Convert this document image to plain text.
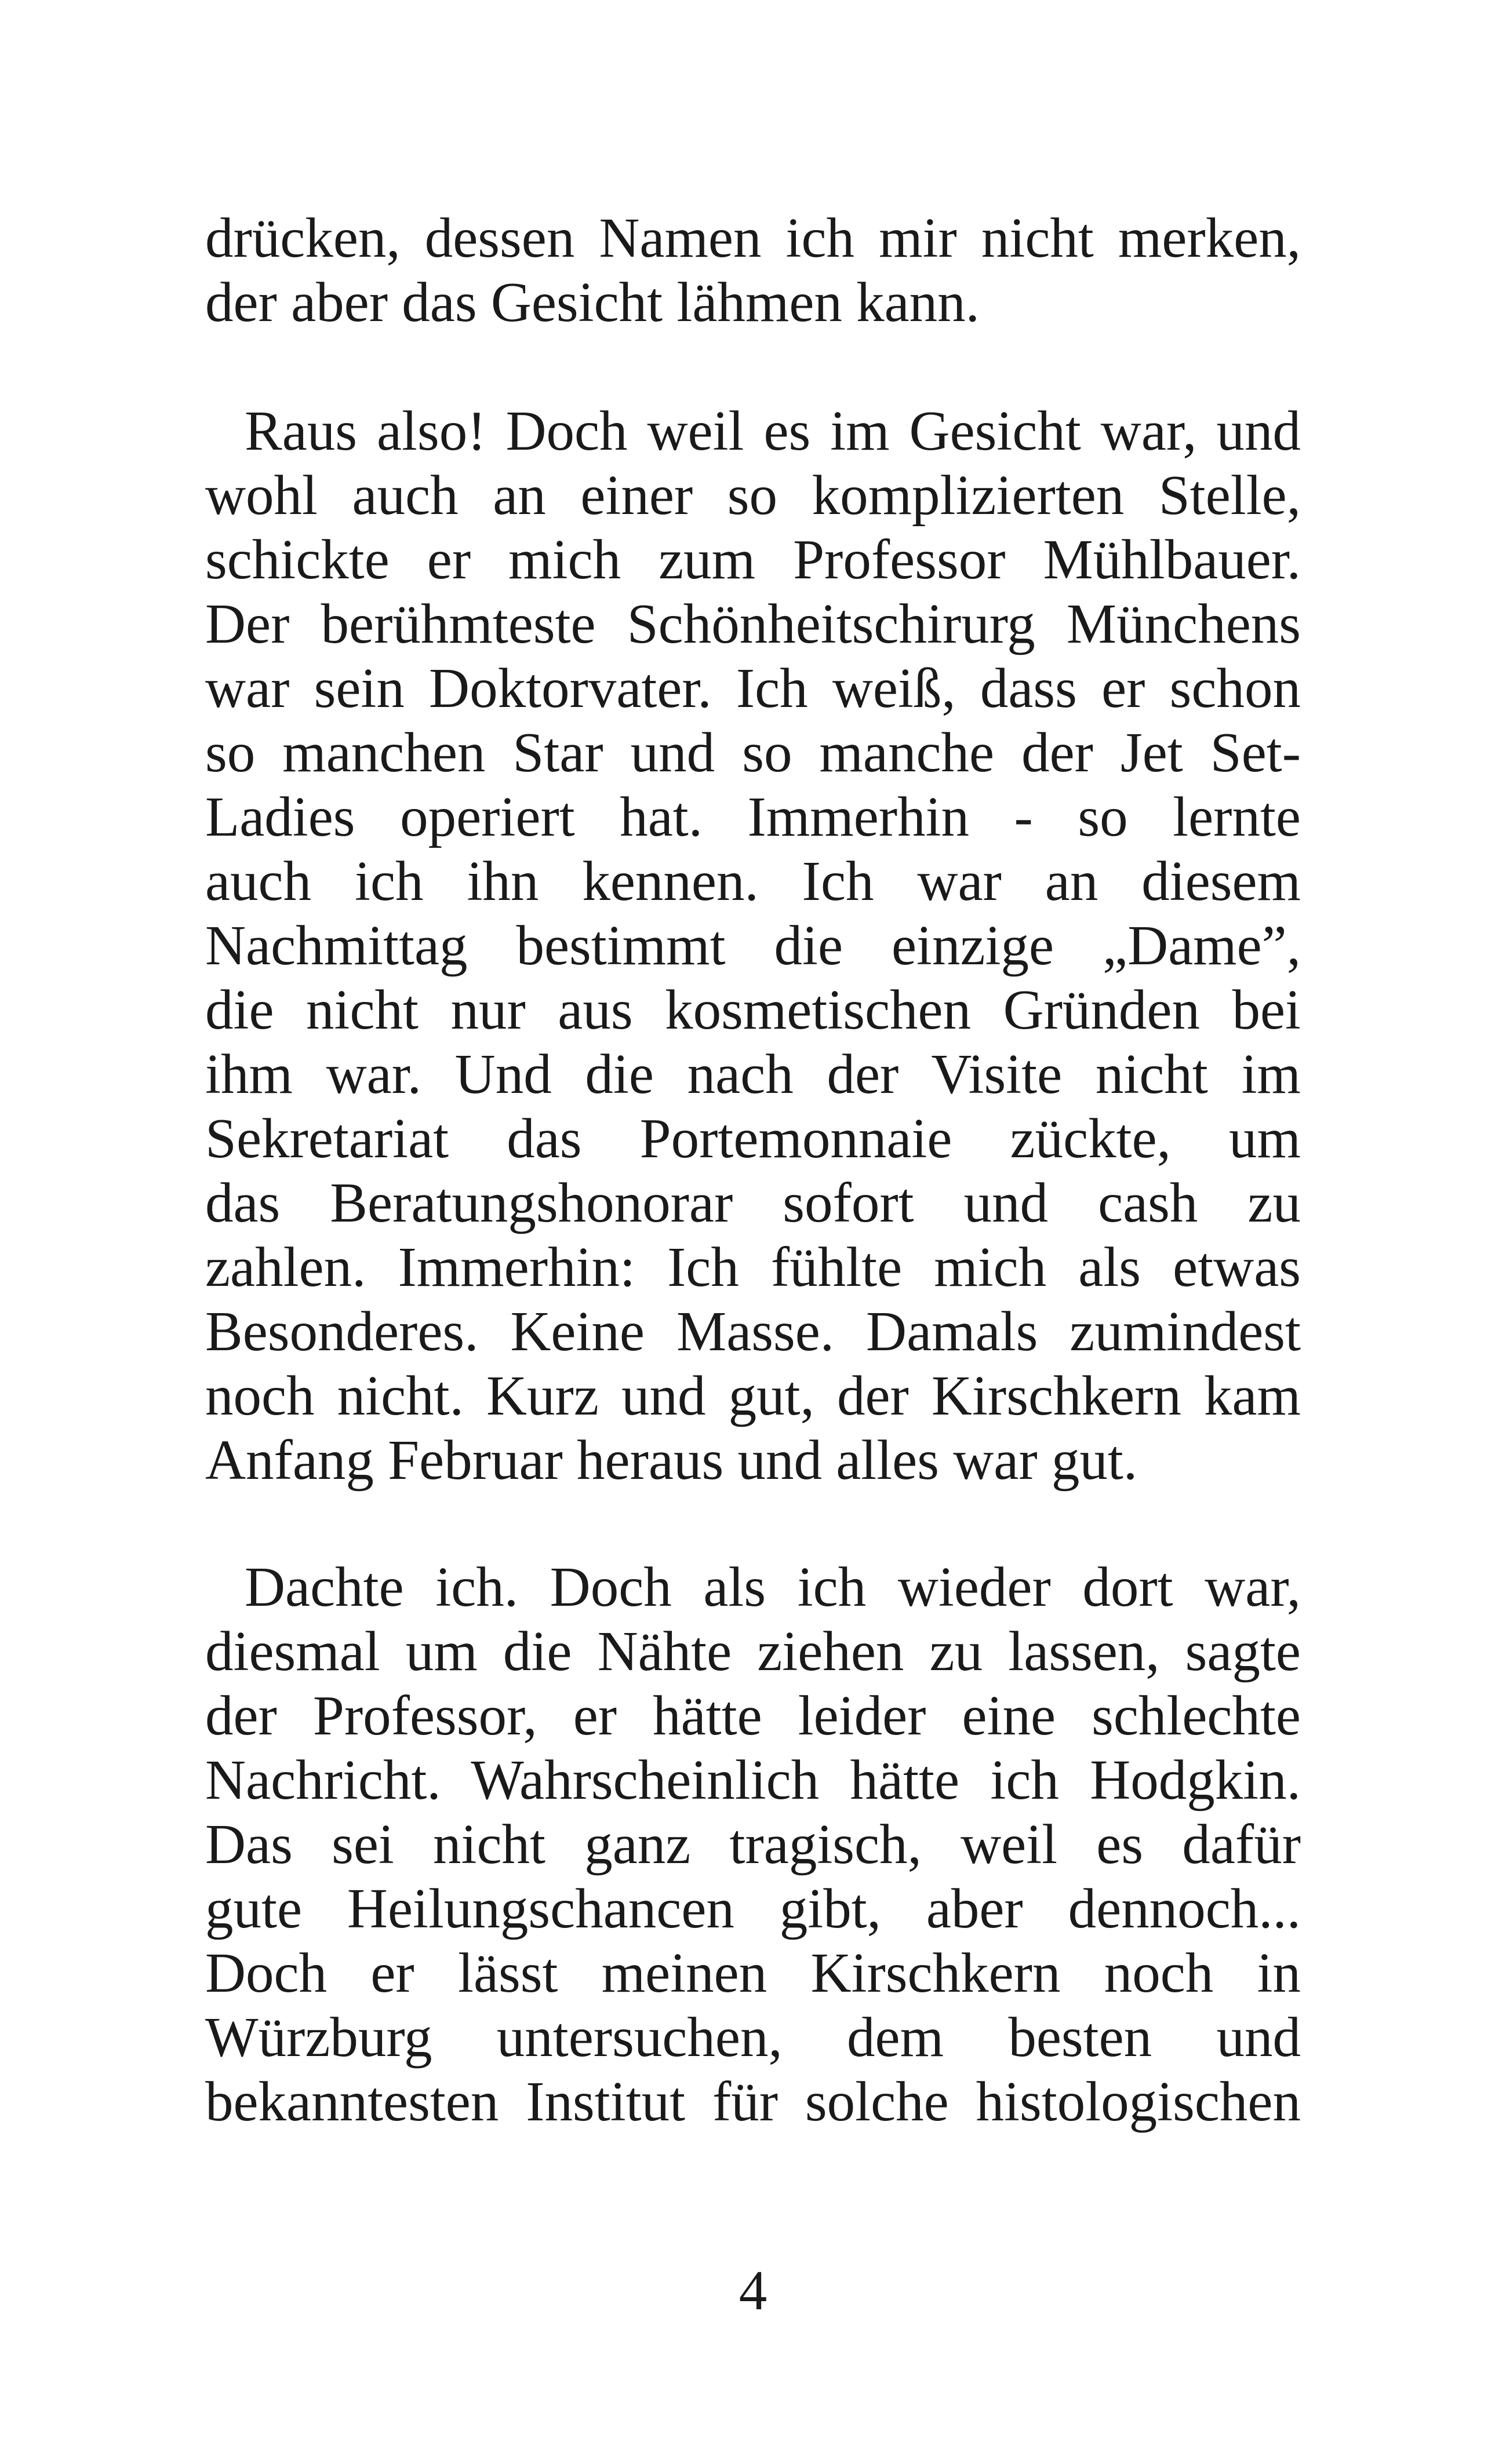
drücken, dessen Namen ich mir nicht merken,
der aber das Gesicht lähmen kann.
Raus also! Doch weil es im Gesicht war, und
wohl auch an einer so komplizierten Stelle,
schickte er mich zum Professor Mühlbauer.
Der berühmteste Schönheitschirurg Münchens
war sein Doktorvater. Ich weiß, dass er schon
so manchen Star und so manche der Jet Set-
Ladies operiert hat. Immerhin - so lernte
auch ich ihn kennen. Ich war an diesem
Nachmittag bestimmt die einzige „Dame”,
die nicht nur aus kosmetischen Gründen bei
ihm war. Und die nach der Visite nicht im
Sekretariat das Portemonnaie zückte, um
das Beratungshonorar sofort und cash zu
zahlen. Immerhin: Ich fühlte mich als etwas
Besonderes. Keine Masse. Damals zumindest
noch nicht. Kurz und gut, der Kirschkern kam
Anfang Februar heraus und alles war gut.
Dachte ich. Doch als ich wieder dort war,
diesmal um die Nähte ziehen zu lassen, sagte
der Professor, er hätte leider eine schlechte
Nachricht. Wahrscheinlich hätte ich Hodgkin.
Das sei nicht ganz tragisch, weil es dafür
gute Heilungschancen gibt, aber dennoch...
Doch er lässt meinen Kirschkern noch in
Würzburg untersuchen, dem besten und
bekanntesten Institut für solche histologischen
4
